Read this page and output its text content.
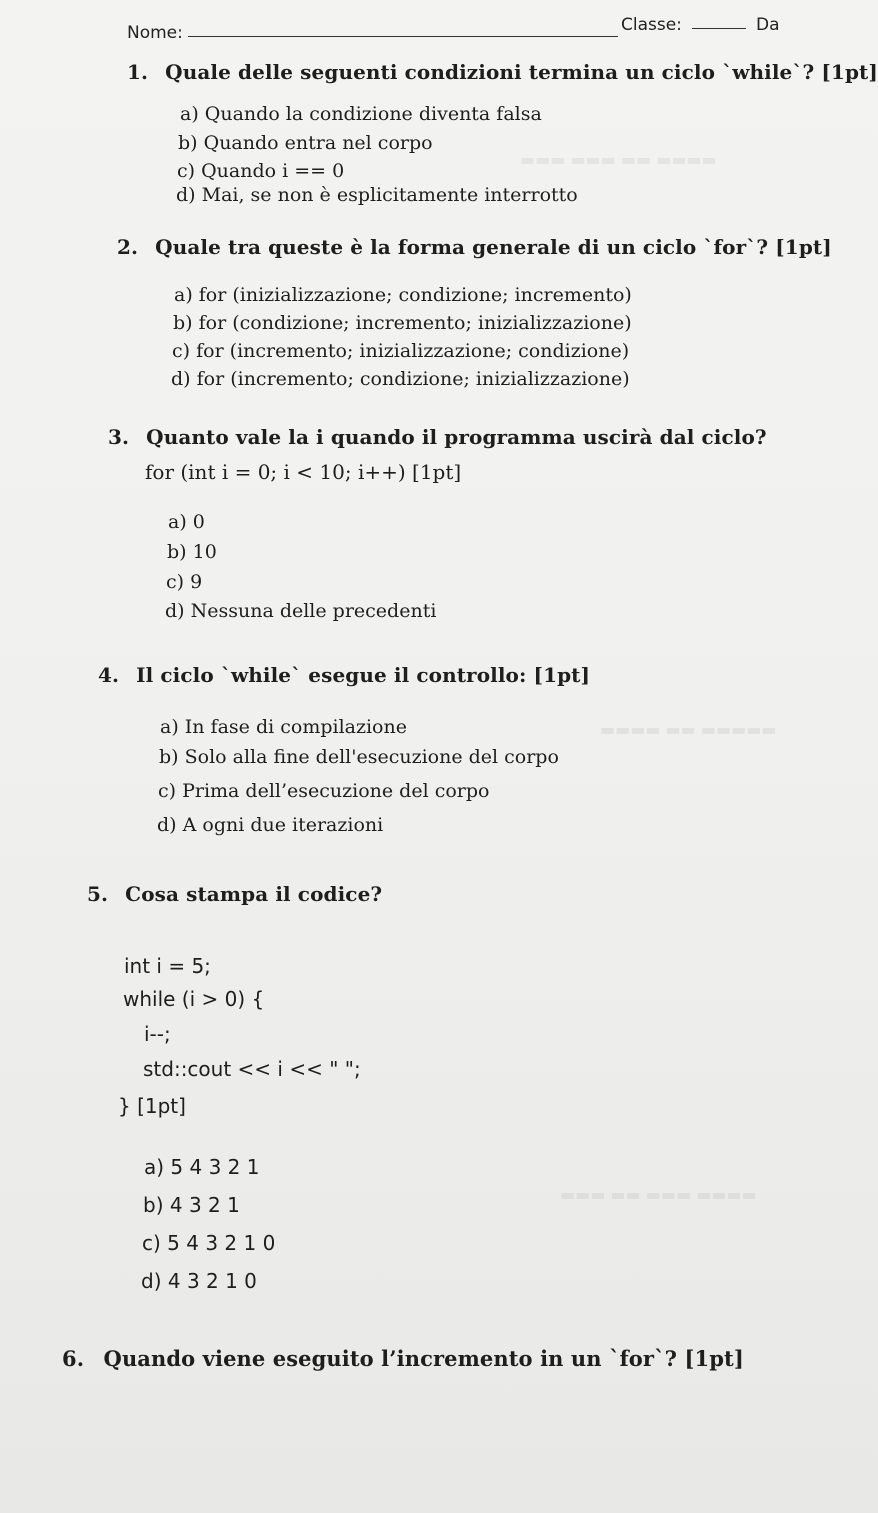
Nome:	Classe:	Da
1. Quale delle seguenti condizioni termina un ciclo `while`? [1pt]
a) Quando la condizione diventa falsa
b) Quando entra nel corpo
c) Quando i == 0
d) Mai, se non è esplicitamente interrotto
2. Quale tra queste è la forma generale di un ciclo `for`? [1pt]
a) for (inizializzazione; condizione; incremento)
b) for (condizione; incremento; inizializzazione)
c) for (incremento; inizializzazione; condizione)
d) for (incremento; condizione; inizializzazione)
3. Quanto vale la i quando il programma uscirà dal ciclo?
for (int i = 0; i < 10; i++) [1pt]
a) 0
b) 10
c) 9
d) Nessuna delle precedenti
4. Il ciclo `while` esegue il controllo: [1pt]
a) In fase di compilazione
b) Solo alla fine dell'esecuzione del corpo
c) Prima dell’esecuzione del corpo
d) A ogni due iterazioni
5. Cosa stampa il codice?
int i = 5;
while (i > 0) {
i--;
std::cout << i << " ";
} [1pt]
a) 5 4 3 2 1
b) 4 3 2 1
c) 5 4 3 2 1 0
d) 4 3 2 1 0
6. Quando viene eseguito l’incremento in un `for`? [1pt]
▬▬▬ ▬▬▬ ▬▬ ▬▬▬▬
▬▬▬▬ ▬▬ ▬▬▬▬▬
▬▬▬ ▬▬ ▬▬▬ ▬▬▬▬
